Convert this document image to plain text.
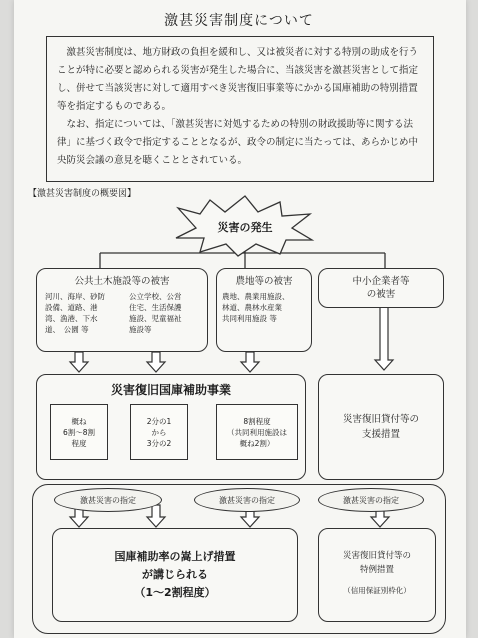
激甚災害制度について

激甚災害制度は、地方財政の負担を緩和し、又は被災者に対する特別の助成を行うことが特に必要と認められる災害が発生した場合に、当該災害を激甚災害として指定し、併せて当該災害に対して適用すべき災害復旧事業等にかかる国庫補助の特別措置等を指定するものである。

なお、指定については、「激甚災害に対処するための特別の財政援助等に関する法律」に基づく政令で指定することとなるが、政令の制定に当たっては、あらかじめ中央防災会議の意見を聴くこととされている。

【激甚災害制度の概要図】
災害の発生
公共土木施設等の被害
河川、海岸、砂防
設備、道路、港
湾、漁港、下水
道、　公園 等
公立学校、公営
住宅、生活保護
施設、児童福祉
施設等
農地等の被害
農地、農業用施設、
林道、農林水産業
共同利用施設 等
中小企業者等
の被害
災害復旧国庫補助事業
概ね
6割～8割
程度
2分の1
から
3分の2
8割程度
（共同利用施設は
概ね2割）
災害復旧貸付等の
支援措置
激甚災害の指定	激甚災害の指定	激甚災害の指定
国庫補助率の嵩上げ措置
が講じられる
（1～2割程度）
災害復旧貸付等の
特例措置
（信用保証別枠化）
